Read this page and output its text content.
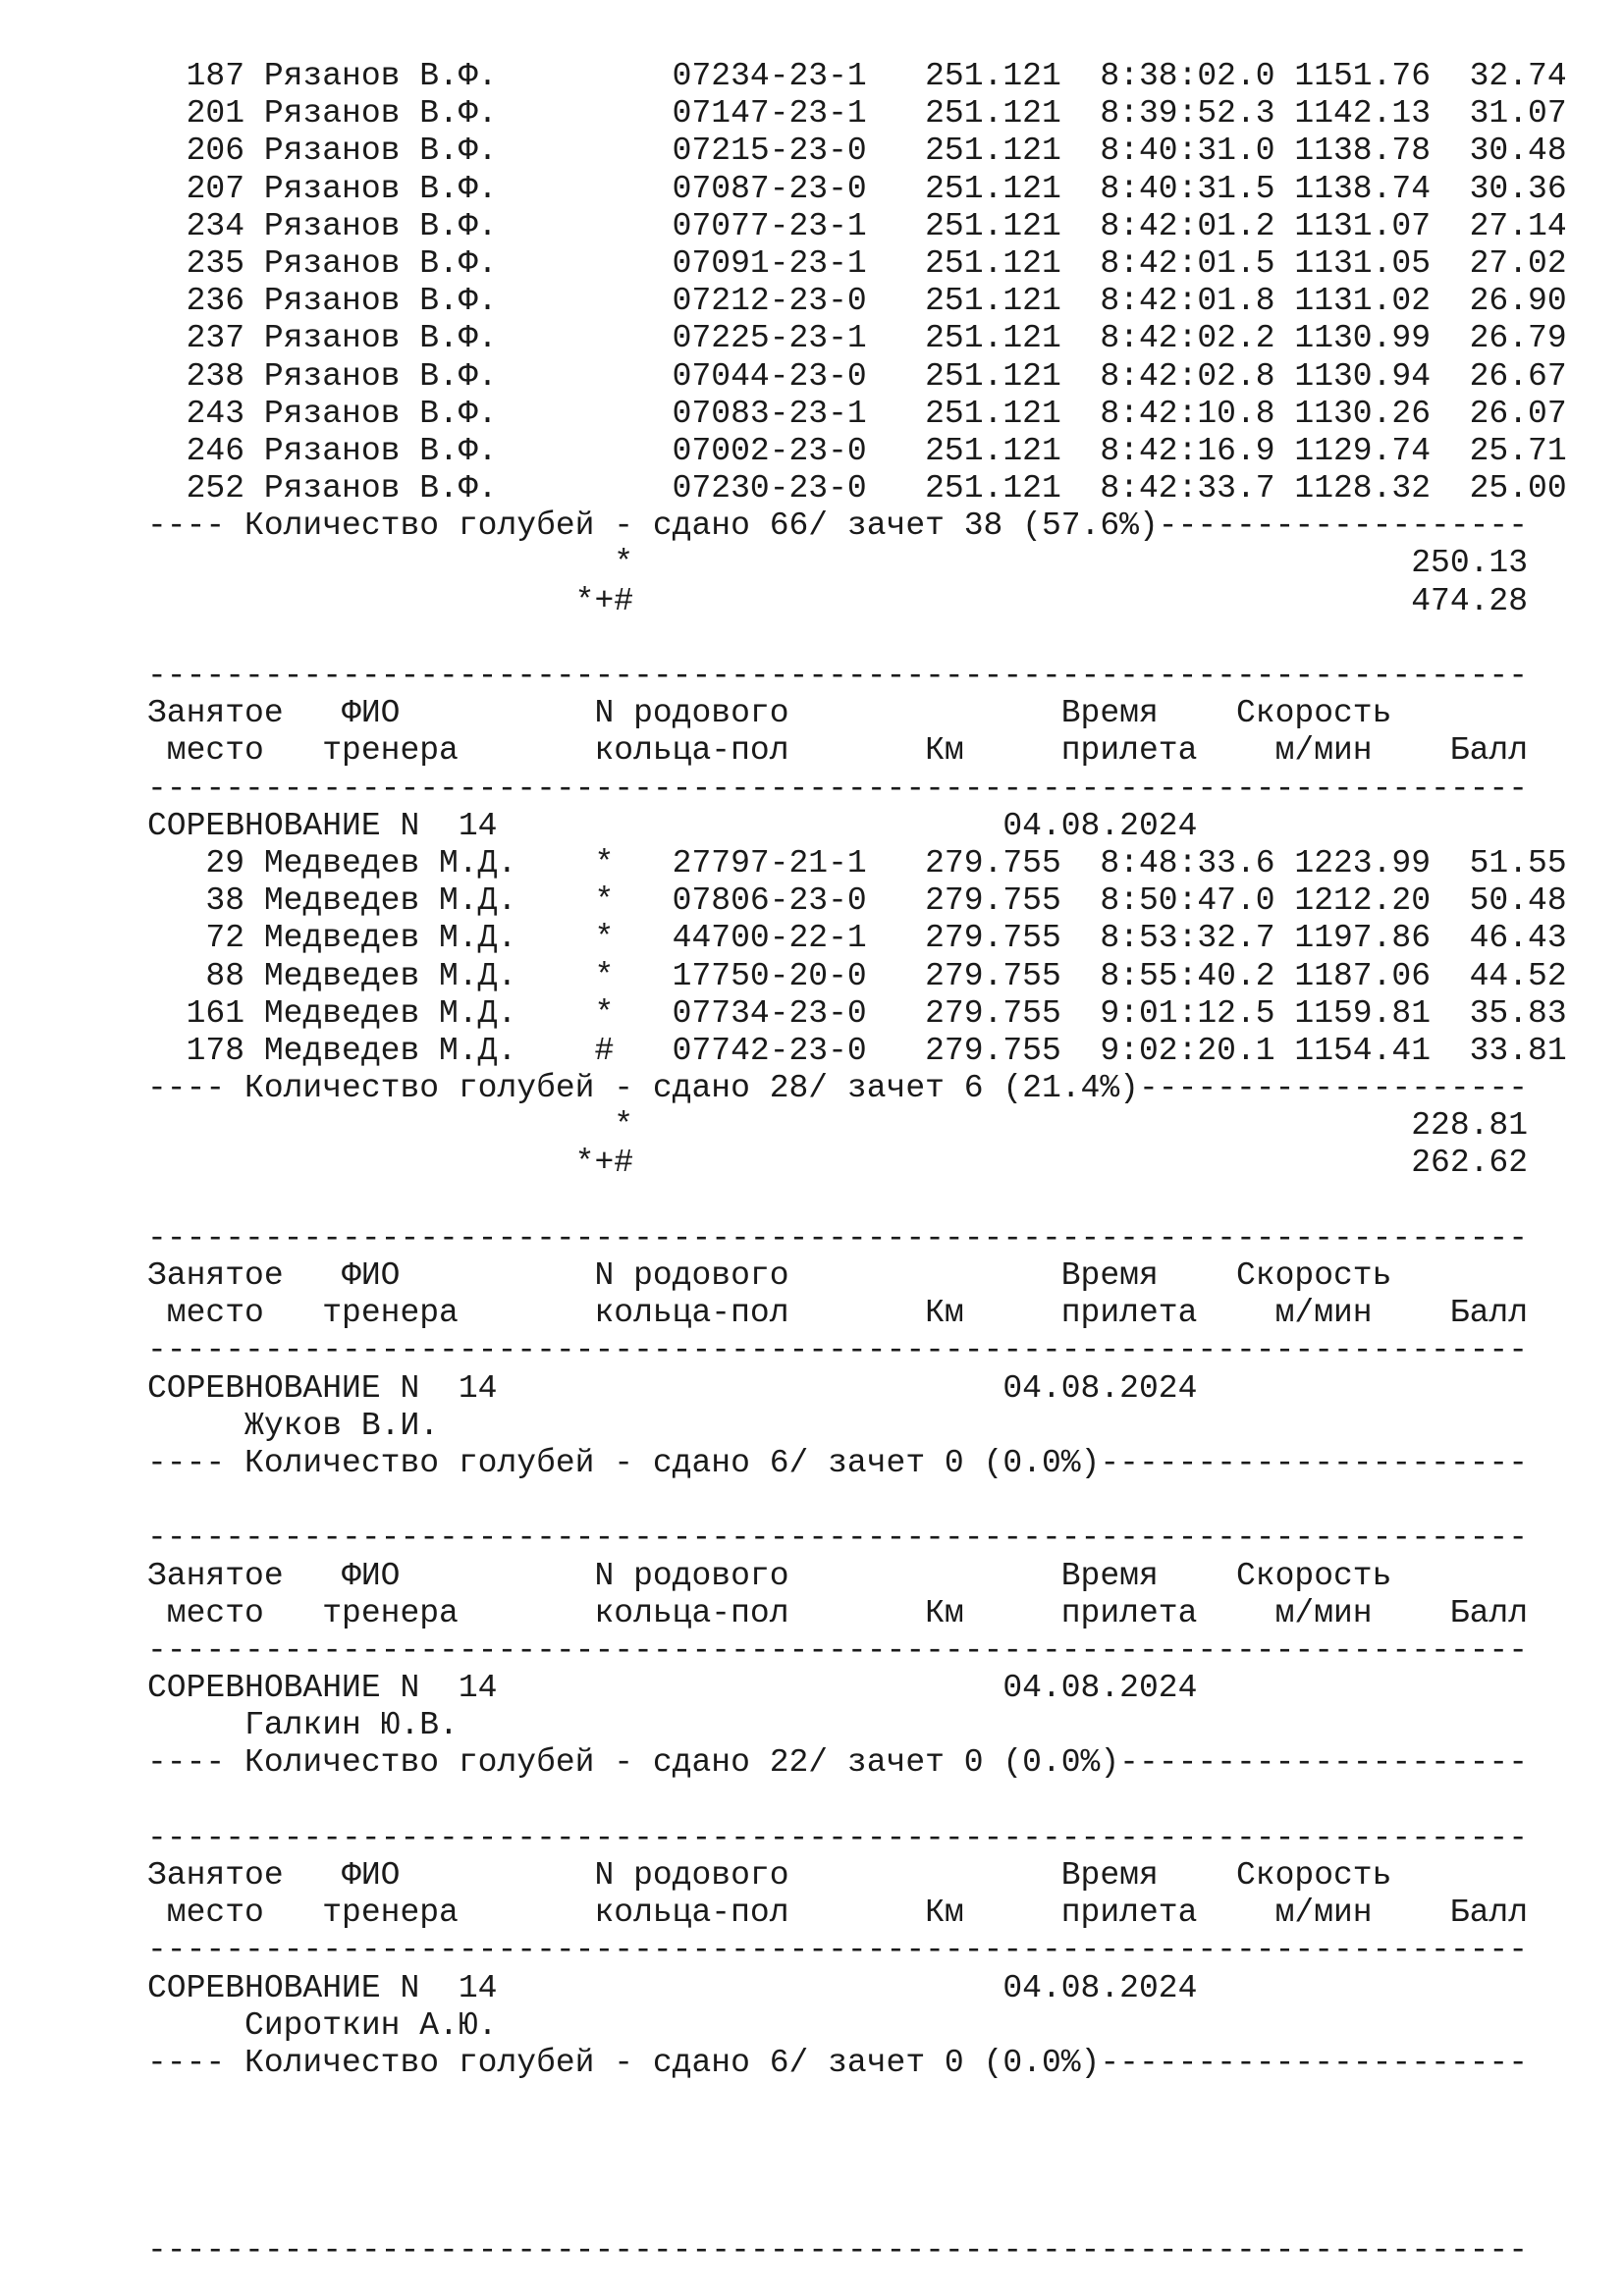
187 Рязанов В.Ф.         07234-23-1   251.121  8:38:02.0 1151.76  32.74
201 Рязанов В.Ф.         07147-23-1   251.121  8:39:52.3 1142.13  31.07
206 Рязанов В.Ф.         07215-23-0   251.121  8:40:31.0 1138.78  30.48
207 Рязанов В.Ф.         07087-23-0   251.121  8:40:31.5 1138.74  30.36
234 Рязанов В.Ф.         07077-23-1   251.121  8:42:01.2 1131.07  27.14
235 Рязанов В.Ф.         07091-23-1   251.121  8:42:01.5 1131.05  27.02
236 Рязанов В.Ф.         07212-23-0   251.121  8:42:01.8 1131.02  26.90
237 Рязанов В.Ф.         07225-23-1   251.121  8:42:02.2 1130.99  26.79
238 Рязанов В.Ф.         07044-23-0   251.121  8:42:02.8 1130.94  26.67
243 Рязанов В.Ф.         07083-23-1   251.121  8:42:10.8 1130.26  26.07
246 Рязанов В.Ф.         07002-23-0   251.121  8:42:16.9 1129.74  25.71
252 Рязанов В.Ф.         07230-23-0   251.121  8:42:33.7 1128.32  25.00
---- Количество голубей - сдано 66/ зачет 38 (57.6%)-------------------
*                                        250.13
*+#                                        474.28
-----------------------------------------------------------------------
Занятое   ФИО          N родового              Время    Скорость
место   тренера       кольца-пол       Км     прилета    м/мин    Балл
-----------------------------------------------------------------------
СОРЕВНОВАНИЕ N  14                          04.08.2024
29 Медведев М.Д.    *   27797-21-1   279.755  8:48:33.6 1223.99  51.55
38 Медведев М.Д.    *   07806-23-0   279.755  8:50:47.0 1212.20  50.48
72 Медведев М.Д.    *   44700-22-1   279.755  8:53:32.7 1197.86  46.43
88 Медведев М.Д.    *   17750-20-0   279.755  8:55:40.2 1187.06  44.52
161 Медведев М.Д.    *   07734-23-0   279.755  9:01:12.5 1159.81  35.83
178 Медведев М.Д.    #   07742-23-0   279.755  9:02:20.1 1154.41  33.81
---- Количество голубей - сдано 28/ зачет 6 (21.4%)--------------------
*                                        228.81
*+#                                        262.62
-----------------------------------------------------------------------
Занятое   ФИО          N родового              Время    Скорость
место   тренера       кольца-пол       Км     прилета    м/мин    Балл
-----------------------------------------------------------------------
СОРЕВНОВАНИЕ N  14                          04.08.2024
Жуков В.И.
---- Количество голубей - сдано 6/ зачет 0 (0.0%)----------------------
-----------------------------------------------------------------------
Занятое   ФИО          N родового              Время    Скорость
место   тренера       кольца-пол       Км     прилета    м/мин    Балл
-----------------------------------------------------------------------
СОРЕВНОВАНИЕ N  14                          04.08.2024
Галкин Ю.В.
---- Количество голубей - сдано 22/ зачет 0 (0.0%)---------------------
-----------------------------------------------------------------------
Занятое   ФИО          N родового              Время    Скорость
место   тренера       кольца-пол       Км     прилета    м/мин    Балл
-----------------------------------------------------------------------
СОРЕВНОВАНИЕ N  14                          04.08.2024
Сироткин А.Ю.
---- Количество голубей - сдано 6/ зачет 0 (0.0%)----------------------
-----------------------------------------------------------------------
